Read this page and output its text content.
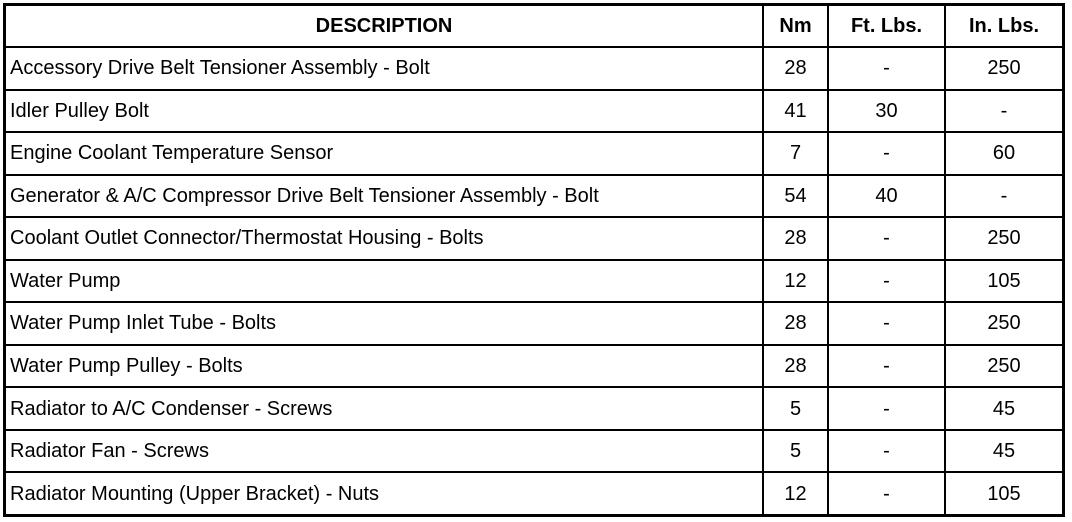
DESCRIPTION	Nm	Ft. Lbs.	In. Lbs.
Accessory Drive Belt Tensioner Assembly - Bolt	28	-	250
Idler Pulley Bolt	41	30	-
Engine Coolant Temperature Sensor	7	-	60
Generator & A/C Compressor Drive Belt Tensioner Assembly - Bolt	54	40	-
Coolant Outlet Connector/Thermostat Housing - Bolts	28	-	250
Water Pump	12	-	105
Water Pump Inlet Tube - Bolts	28	-	250
Water Pump Pulley - Bolts	28	-	250
Radiator to A/C Condenser - Screws	5	-	45
Radiator Fan - Screws	5	-	45
Radiator Mounting (Upper Bracket) - Nuts	12	-	105
